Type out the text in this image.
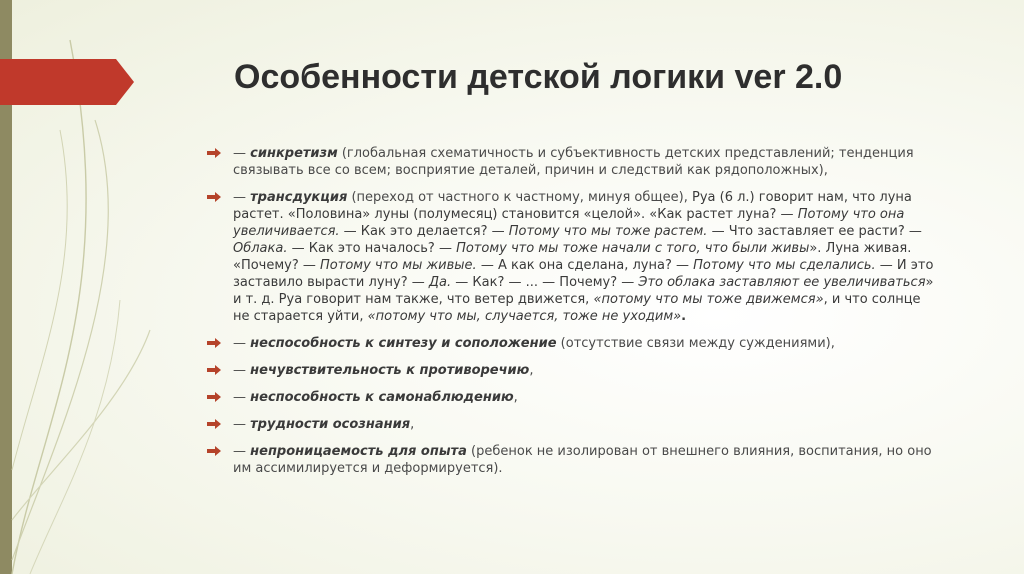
Особенности детской логики ver 2.0
— синкретизм (глобальная схематичность и субъективность детских представлений; тенденция связывать все со всем; восприятие деталей, причин и следствий как рядоположных),
— трансдукция (переход от частного к частному, минуя общее), Руа (6 л.) говорит нам, что луна растет. «Половина» луны (полумесяц) становится «целой». «Как растет луна? — Потому что она увеличивается. — Как это делается? — Потому что мы тоже растем. — Что заставляет ее расти? — Облака. — Как это началось? — Потому что мы тоже начали с того, что были живы». Луна живая. «Почему? — Потому что мы живые. — А как она сделана, луна? — Потому что мы сделались. — И это заставило вырасти луну? — Да. — Как? — ... — Почему? — Это облака заставляют ее увеличиваться» и т. д. Руа говорит нам также, что ветер движется, «потому что мы тоже движемся», и что солнце не старается уйти, «потому что мы, случается, тоже не уходим».
— неспособность к синтезу и соположение (отсутствие связи между суждениями),
— нечувствительность к противоречию,
— неспособность к самонаблюдению,
— трудности осознания,
— непроницаемость для опыта (ребенок не изолирован от внешнего влияния, воспитания, но оно им ассимилируется и деформируется).
